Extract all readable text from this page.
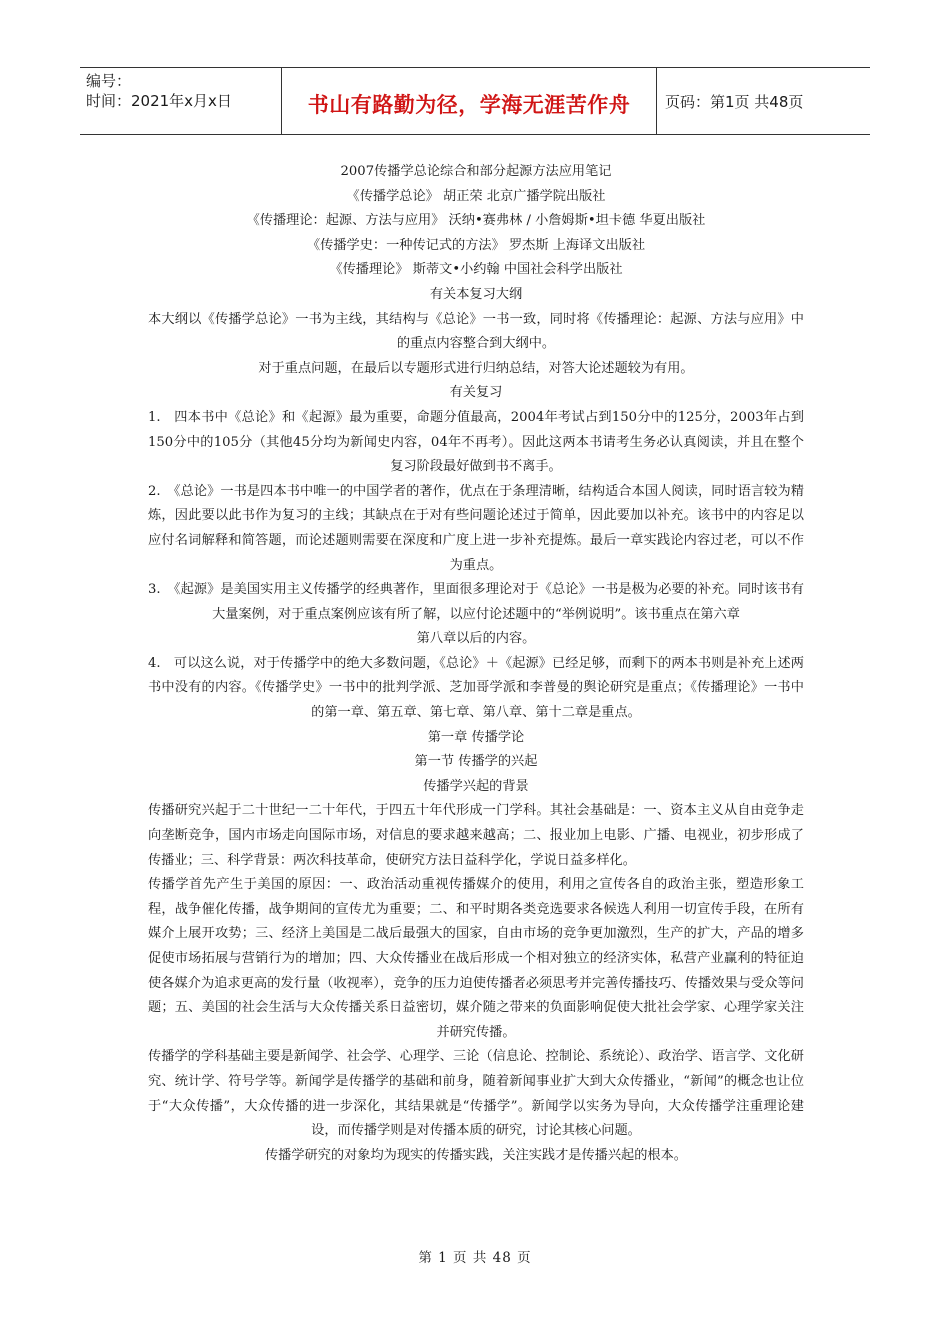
编号：
时间：2021年x月x日	书山有路勤为径，学海无涯苦作舟 页码：第1页 共48页

2007传播学总论综合和部分起源方法应用笔记

《传播学总论》 胡正荣 北京广播学院出版社

《传播理论：起源、方法与应用》 沃纳•赛弗林 / 小詹姆斯•坦卡德 华夏出版社

《传播学史：一种传记式的方法》 罗杰斯 上海译文出版社

《传播理论》 斯蒂文•小约翰 中国社会科学出版社

有关本复习大纲

本大纲以《传播学总论》一书为主线，其结构与《总论》一书一致，同时将《传播理论：起源、方法与应用》中的重点内容整合到大纲中。

对于重点问题，在最后以专题形式进行归纳总结，对答大论述题较为有用。

有关复习

1.　四本书中《总论》和《起源》最为重要，命题分值最高，2004年考试占到150分中的125分，2003年占到150分中的105分（其他45分均为新闻史内容，04年不再考）。因此这两本书请考生务必认真阅读，并且在整个复习阶段最好做到书不离手。

2.　《总论》一书是四本书中唯一的中国学者的著作，优点在于条理清晰，结构适合本国人阅读，同时语言较为精炼，因此要以此书作为复习的主线；其缺点在于对有些问题论述过于简单，因此要加以补充。该书中的内容足以应付名词解释和简答题，而论述题则需要在深度和广度上进一步补充提炼。最后一章实践论内容过老，可以不作为重点。

3.　《起源》是美国实用主义传播学的经典著作，里面很多理论对于《总论》一书是极为必要的补充。同时该书有大量案例，对于重点案例应该有所了解，以应付论述题中的“举例说明”。该书重点在第六章

第八章以后的内容。

4.　可以这么说，对于传播学中的绝大多数问题，《总论》＋《起源》已经足够，而剩下的两本书则是补充上述两书中没有的内容。《传播学史》一书中的批判学派、芝加哥学派和李普曼的舆论研究是重点；《传播理论》一书中的第一章、第五章、第七章、第八章、第十二章是重点。

第一章 传播学论

第一节 传播学的兴起

传播学兴起的背景

传播研究兴起于二十世纪一二十年代，于四五十年代形成一门学科。其社会基础是：一、资本主义从自由竞争走向垄断竞争，国内市场走向国际市场，对信息的要求越来越高；二、报业加上电影、广播、电视业，初步形成了传播业；三、科学背景：两次科技革命，使研究方法日益科学化，学说日益多样化。

传播学首先产生于美国的原因：一、政治活动重视传播媒介的使用，利用之宣传各自的政治主张，塑造形象工程，战争催化传播，战争期间的宣传尤为重要；二、和平时期各类竞选要求各候选人利用一切宣传手段，在所有媒介上展开攻势；三、经济上美国是二战后最强大的国家，自由市场的竞争更加激烈，生产的扩大，产品的增多促使市场拓展与营销行为的增加；四、大众传播业在战后形成一个相对独立的经济实体，私营产业赢利的特征迫使各媒介为追求更高的发行量（收视率），竞争的压力迫使传播者必须思考并完善传播技巧、传播效果与受众等问题；五、美国的社会生活与大众传播关系日益密切，媒介随之带来的负面影响促使大批社会学家、心理学家关注并研究传播。

传播学的学科基础主要是新闻学、社会学、心理学、三论（信息论、控制论、系统论）、政治学、语言学、文化研究、统计学、符号学等。新闻学是传播学的基础和前身，随着新闻事业扩大到大众传播业，“新闻”的概念也让位于“大众传播”，大众传播的进一步深化，其结果就是“传播学”。新闻学以实务为导向，大众传播学注重理论建设，而传播学则是对传播本质的研究，讨论其核心问题。

传播学研究的对象均为现实的传播实践，关注实践才是传播兴起的根本。

第 1 页 共 48 页
